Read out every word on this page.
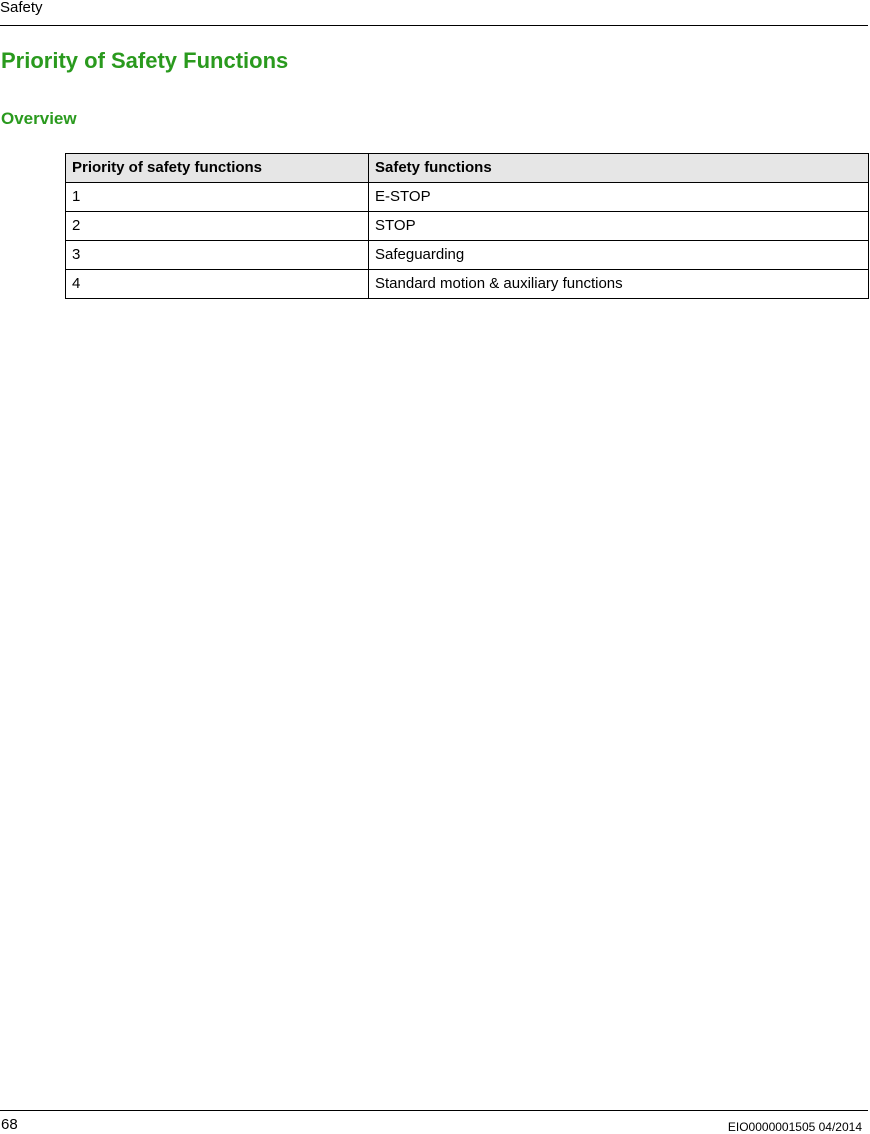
Safety
Priority of Safety Functions
Overview
Priority of safety functions	Safety functions
1	E-STOP
2	STOP
3	Safeguarding
4	Standard motion & auxiliary functions
68	EIO0000001505 04/2014
